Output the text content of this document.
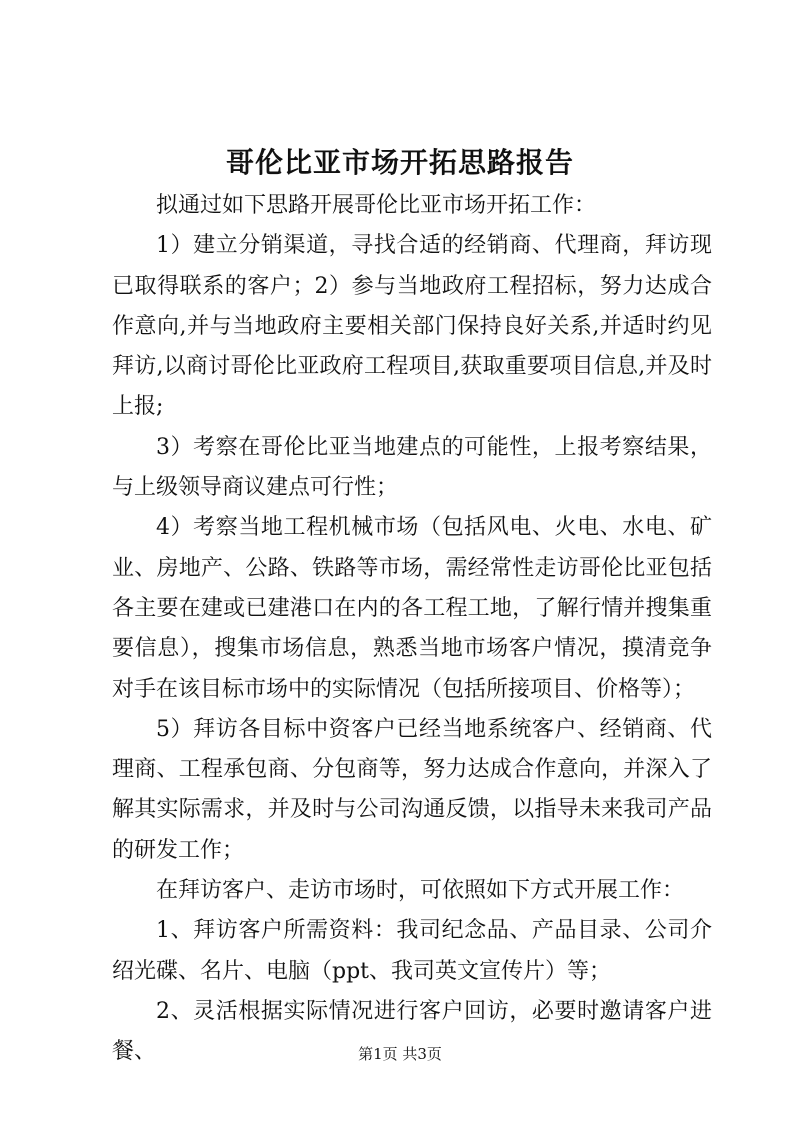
哥伦比亚市场开拓思路报告

拟通过如下思路开展哥伦比亚市场开拓工作：

1）建立分销渠道，寻找合适的经销商、代理商，拜访现已取得联系的客户；2）参与当地政府工程招标，努力达成合作意向,并与当地政府主要相关部门保持良好关系,并适时约见拜访,以商讨哥伦比亚政府工程项目,获取重要项目信息,并及时上报;

3）考察在哥伦比亚当地建点的可能性，上报考察结果，与上级领导商议建点可行性；

4）考察当地工程机械市场（包括风电、火电、水电、矿业、房地产、公路、铁路等市场，需经常性走访哥伦比亚包括各主要在建或已建港口在内的各工程工地，了解行情并搜集重要信息），搜集市场信息，熟悉当地市场客户情况，摸清竞争对手在该目标市场中的实际情况（包括所接项目、价格等）；

5）拜访各目标中资客户已经当地系统客户、经销商、代理商、工程承包商、分包商等，努力达成合作意向，并深入了解其实际需求，并及时与公司沟通反馈，以指导未来我司产品的研发工作；

在拜访客户、走访市场时，可依照如下方式开展工作：

1、拜访客户所需资料：我司纪念品、产品目录、公司介绍光碟、名片、电脑（ppt、我司英文宣传片）等；

2、灵活根据实际情况进行客户回访，必要时邀请客户进餐、	第1页 共3页
